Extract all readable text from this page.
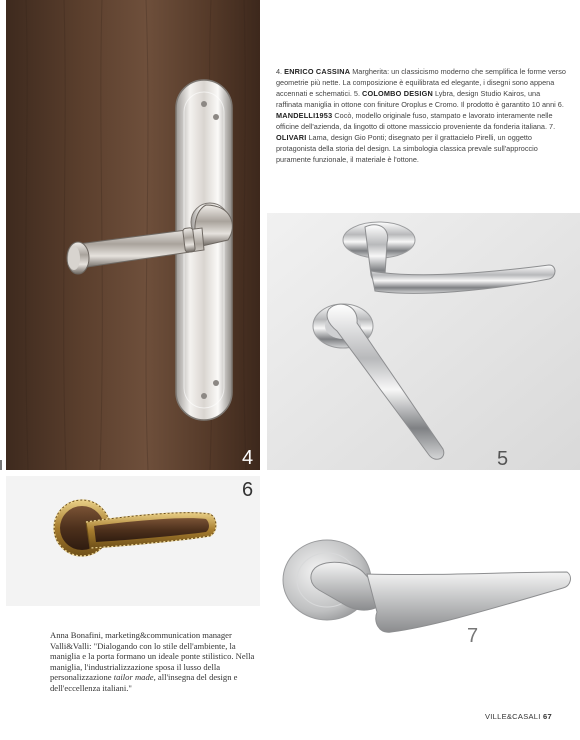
4

4. ENRICO CASSINA Margherita: un classicismo moderno che semplifica le forme verso geometrie più nette. La composizione è equilibrata ed elegante, i disegni sono appena accennati e schematici. 5. COLOMBO DESIGN Lybra, design Studio Kairos, una raffinata maniglia in ottone con finiture Oroplus e Cromo. Il prodotto è garantito 10 anni 6. MANDELLI1953 Cocò, modello originale fuso, stampato e lavorato interamente nelle officine dell'azienda, da lingotto di ottone massiccio proveniente da fonderia italiana. 7. OLIVARI Lama, design Gio Ponti; disegnato per il grattacielo Pirelli, un oggetto protagonista della storia del design. La simbologia classica prevale sull'approccio puramente funzionale, il materiale è l'ottone.

5
6
7

Anna Bonafini, marketing&communication manager Valli&Valli: "Dialogando con lo stile dell'ambiente, la maniglia e la porta formano un ideale ponte stilistico. Nella maniglia, l'industrializzazione sposa il lusso della personalizzazione tailor made, all'insegna del design e dell'eccellenza italiani."

VILLE&CASALI 67
